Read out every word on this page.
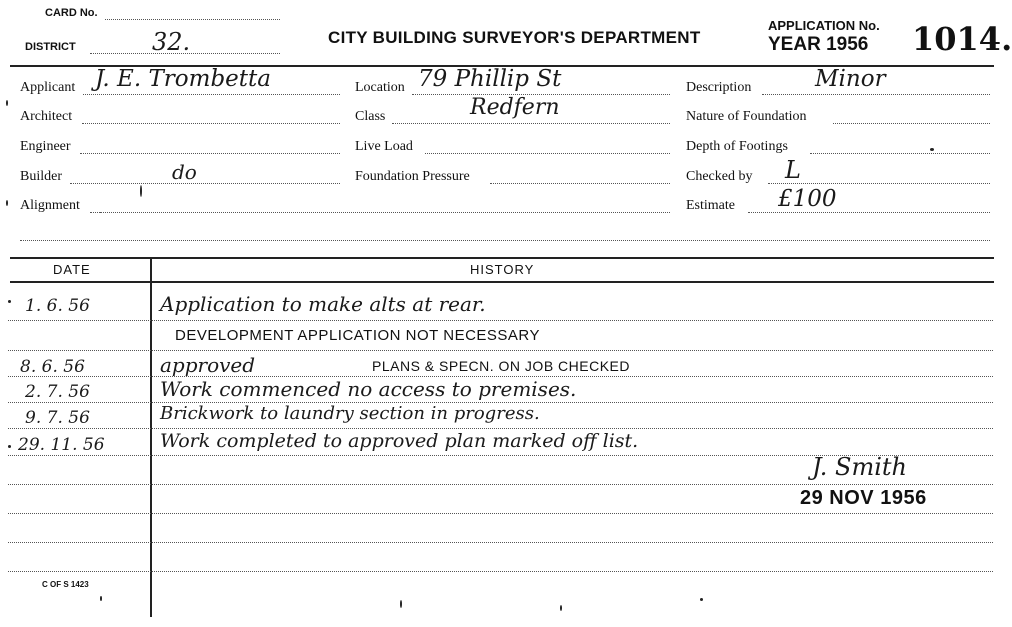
CARD No.
DISTRICT	32.	CITY BUILDING SURVEYOR'S DEPARTMENT
APPLICATION No.
YEAR 1956 1014.
Applicant J. E. Trombetta
Architect
Engineer
Builder	do
Alignment
Location 79 Phillip St
Class	Redfern
Live Load
Foundation Pressure
Description	Minor
Nature of Foundation
Depth of Footings
Checked by L
Estimate £100
DATE	HISTORY
1. 6. 56	Application to make alts at rear.
DEVELOPMENT APPLICATION NOT NECESSARY
8. 6. 56	approved	PLANS & SPECN. ON JOB CHECKED
2. 7. 56	Work commenced no access to premises.
9. 7. 56	Brickwork to laundry section in progress.
29. 11. 56	Work completed to approved plan marked off list.
J. Smith
29 NOV 1956
C OF S 1423
